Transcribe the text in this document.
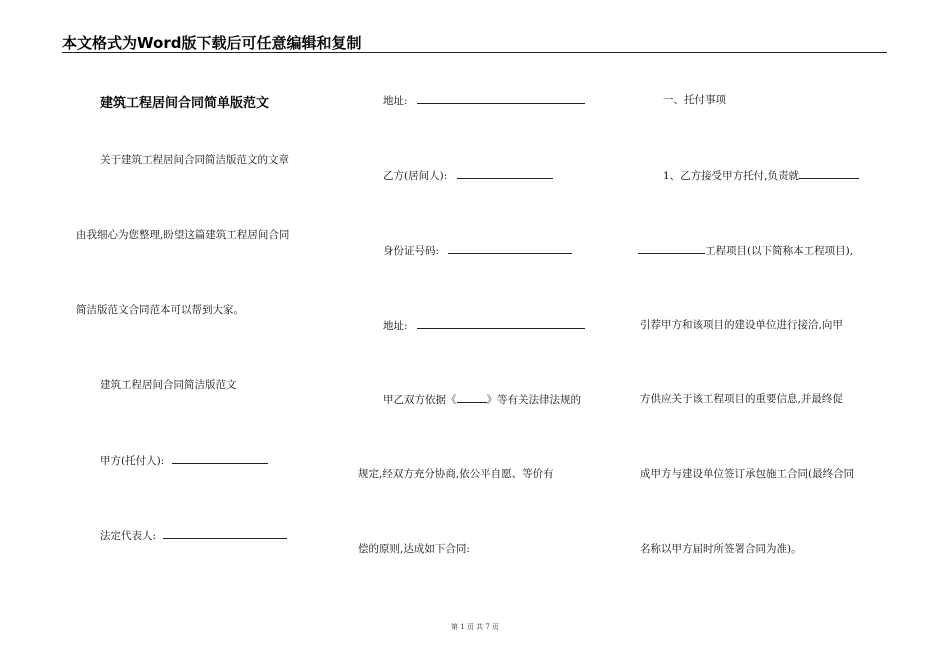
本文格式为Word版下载后可任意编辑和复制
建筑工程居间合同简单版范文
关于建筑工程居间合同简洁版范文的文章
由我细心为您整理,盼望这篇建筑工程居间合同
简洁版范文合同范本可以帮到大家。
建筑工程居间合同简洁版范文
甲方(托付人):
法定代表人:
地址:
乙方(居间人):
身份证号码:
地址:
甲乙双方依据《	》等有关法律法规的
规定,经双方充分协商,依公平自愿、等价有
偿的原则,达成如下合同:
一、托付事项
1、乙方接受甲方托付,负责就
工程项目(以下简称本工程项目),
引荐甲方和该项目的建设单位进行接洽,向甲
方供应关于该工程项目的重要信息,并最终促
成甲方与建设单位签订承包施工合同(最终合同
名称以甲方届时所签署合同为准)。
第 1 页 共 7 页
